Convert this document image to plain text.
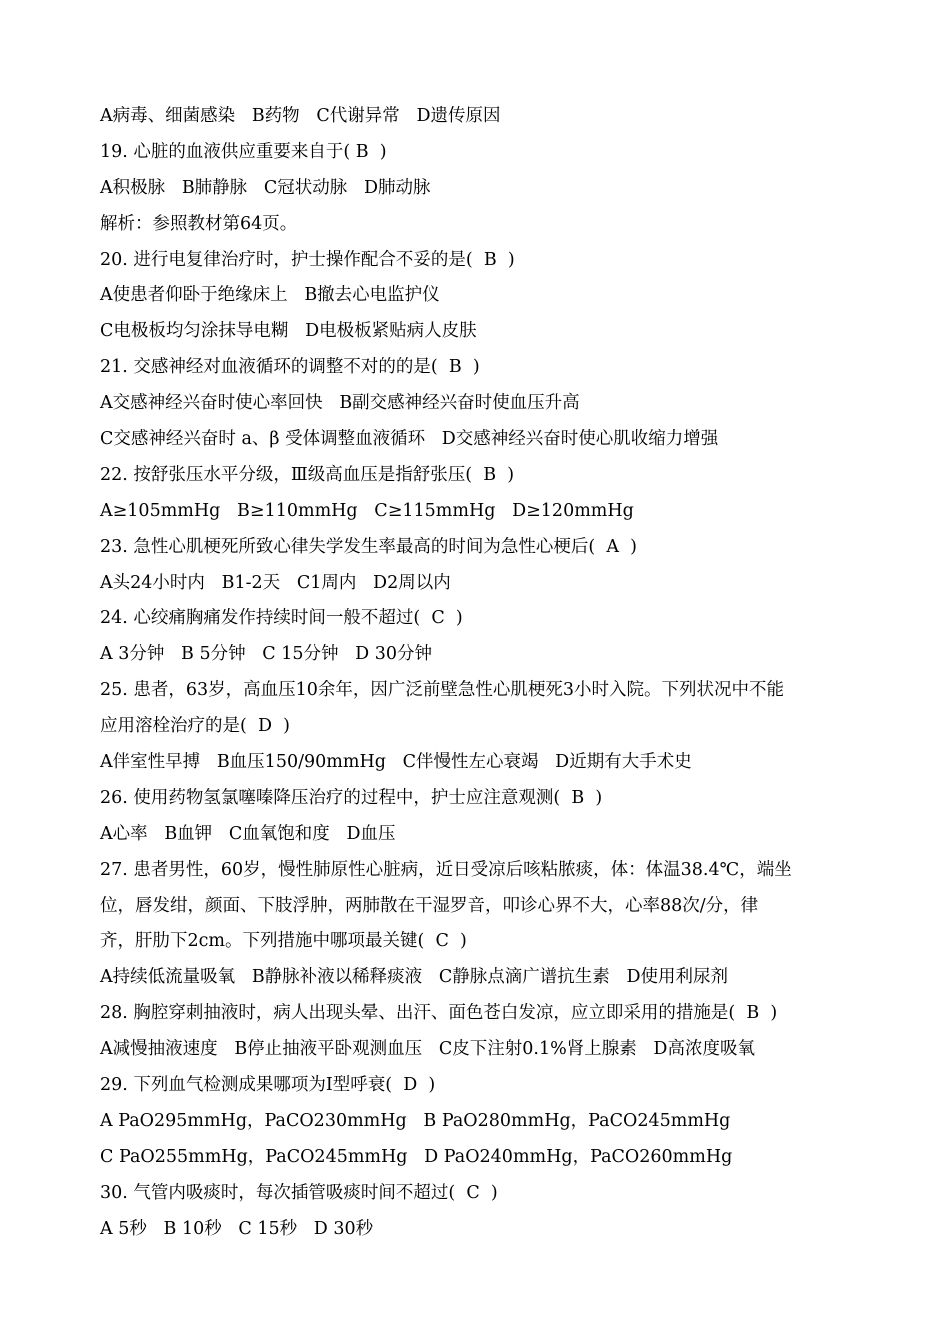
A病毒、细菌感染   B药物   C代谢异常   D遗传原因
19. 心脏的血液供应重要来自于( B  )
A积极脉   B肺静脉   C冠状动脉   D肺动脉
解析：参照教材第64页。
20. 进行电复律治疗时，护士操作配合不妥的是(  B  )
A使患者仰卧于绝缘床上   B撤去心电监护仪
C电极板均匀涂抹导电糊   D电极板紧贴病人皮肤
21. 交感神经对血液循环的调整不对的的是(  B  )
A交感神经兴奋时使心率回快   B副交感神经兴奋时使血压升高
C交感神经兴奋时 a、β 受体调整血液循环   D交感神经兴奋时使心肌收缩力增强
22. 按舒张压水平分级，Ⅲ级高血压是指舒张压(  B  )
A≥105mmHg   B≥110mmHg   C≥115mmHg   D≥120mmHg
23. 急性心肌梗死所致心律失学发生率最高的时间为急性心梗后(  A  )
A头24小时内   B1-2天   C1周内   D2周以内
24. 心绞痛胸痛发作持续时间一般不超过(  C  )
A 3分钟   B 5分钟   C 15分钟   D 30分钟
25. 患者，63岁，高血压10余年，因广泛前壁急性心肌梗死3小时入院。下列状况中不能
应用溶栓治疗的是(  D  )
A伴室性早搏   B血压150/90mmHg   C伴慢性左心衰竭   D近期有大手术史
26. 使用药物氢氯噻嗪降压治疗的过程中，护士应注意观测(  B  )
A心率   B血钾   C血氧饱和度   D血压
27. 患者男性，60岁，慢性肺原性心脏病，近日受凉后咳粘脓痰，体：体温38.4℃，端坐
位，唇发绀，颜面、下肢浮肿，两肺散在干湿罗音，叩诊心界不大，心率88次/分，律
齐，肝肋下2cm。下列措施中哪项最关键(  C  )
A持续低流量吸氧   B静脉补液以稀释痰液   C静脉点滴广谱抗生素   D使用利尿剂
28. 胸腔穿刺抽液时，病人出现头晕、出汗、面色苍白发凉，应立即采用的措施是(  B  )
A减慢抽液速度   B停止抽液平卧观测血压   C皮下注射0.1%肾上腺素   D高浓度吸氧
29. 下列血气检测成果哪项为Ⅰ型呼衰(  D  )
A PaO295mmHg，PaCO230mmHg   B PaO280mmHg，PaCO245mmHg
C PaO255mmHg，PaCO245mmHg   D PaO240mmHg，PaCO260mmHg
30. 气管内吸痰时，每次插管吸痰时间不超过(  C  )
A 5秒   B 10秒   C 15秒   D 30秒
